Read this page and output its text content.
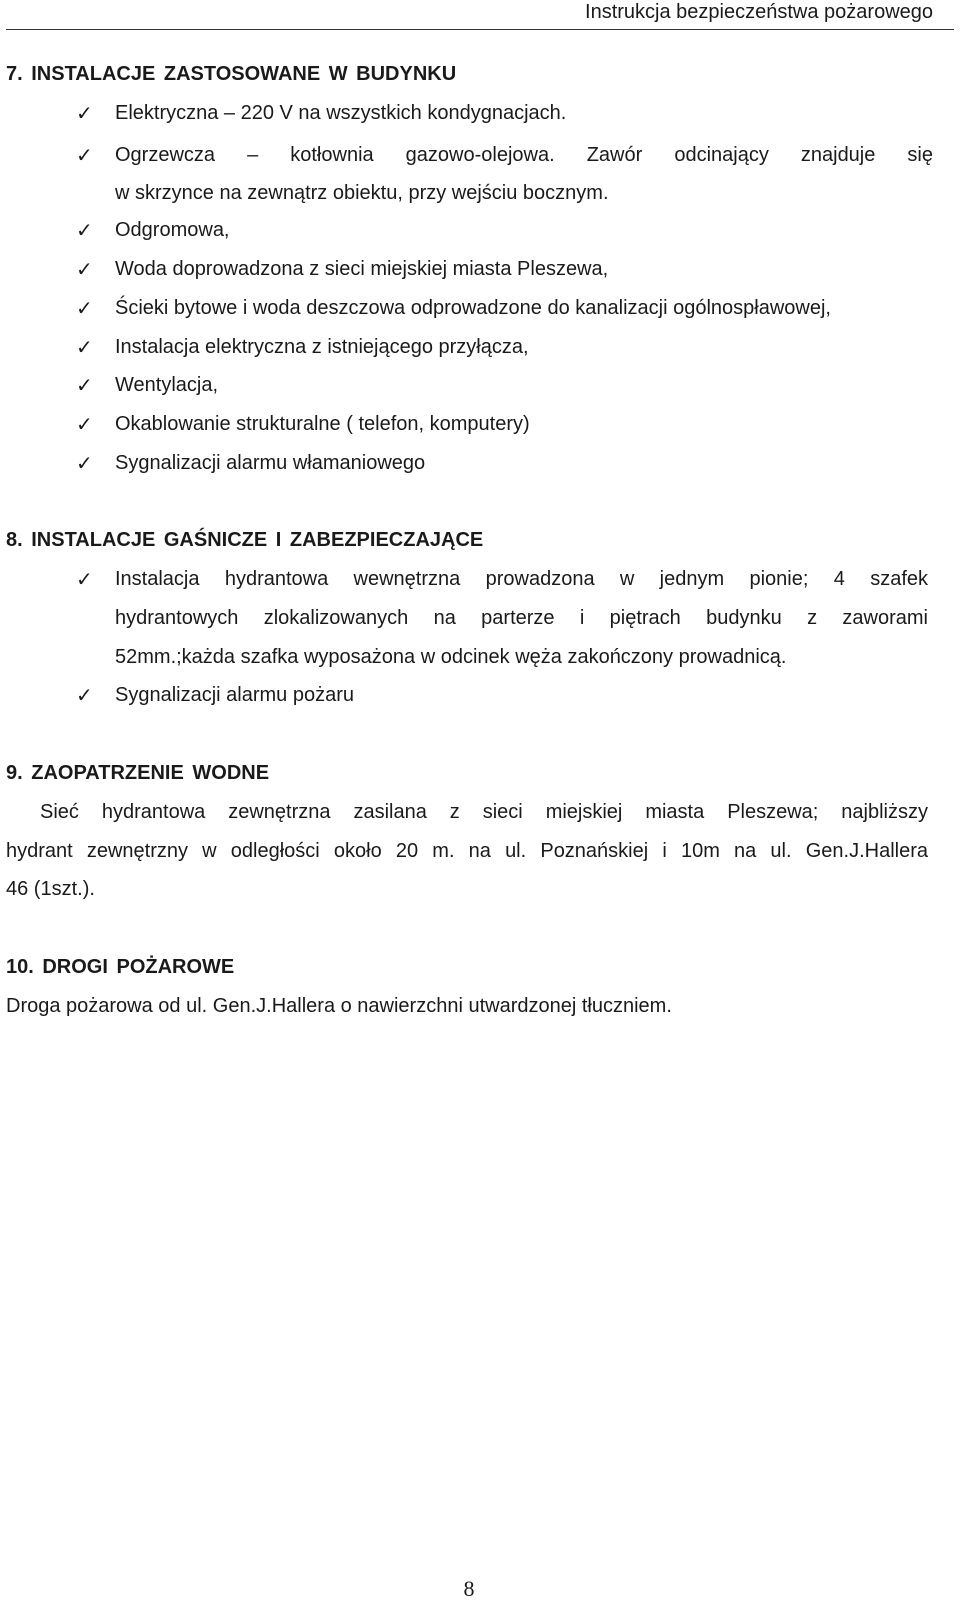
Instrukcja bezpieczeństwa pożarowego
7. INSTALACJE ZASTOSOWANE W BUDYNKU
✓ Elektryczna – 220 V na wszystkich kondygnacjach.
✓ Ogrzewcza – kotłownia gazowo-olejowa. Zawór odcinający znajduje się
w skrzynce na zewnątrz obiektu, przy wejściu bocznym.
✓ Odgromowa,
✓ Woda doprowadzona z sieci miejskiej miasta Pleszewa,
✓ Ścieki bytowe i woda deszczowa odprowadzone do kanalizacji ogólnospławowej,
✓ Instalacja elektryczna z istniejącego przyłącza,
✓ Wentylacja,
✓ Okablowanie strukturalne ( telefon, komputery)
✓ Sygnalizacji alarmu włamaniowego
8. INSTALACJE GAŚNICZE I ZABEZPIECZAJĄCE
✓ Instalacja hydrantowa wewnętrzna prowadzona w jednym pionie; 4 szafek
hydrantowych zlokalizowanych na parterze i piętrach budynku z zaworami
52mm.;każda szafka wyposażona w odcinek węża zakończony prowadnicą.
✓ Sygnalizacji alarmu pożaru
9. ZAOPATRZENIE WODNE
Sieć hydrantowa zewnętrzna zasilana z sieci miejskiej miasta Pleszewa; najbliższy
hydrant zewnętrzny w odległości około 20 m. na ul. Poznańskiej i 10m na ul. Gen.J.Hallera
46 (1szt.).
10. DROGI POŻAROWE
Droga pożarowa od ul. Gen.J.Hallera o nawierzchni utwardzonej tłuczniem.
8
